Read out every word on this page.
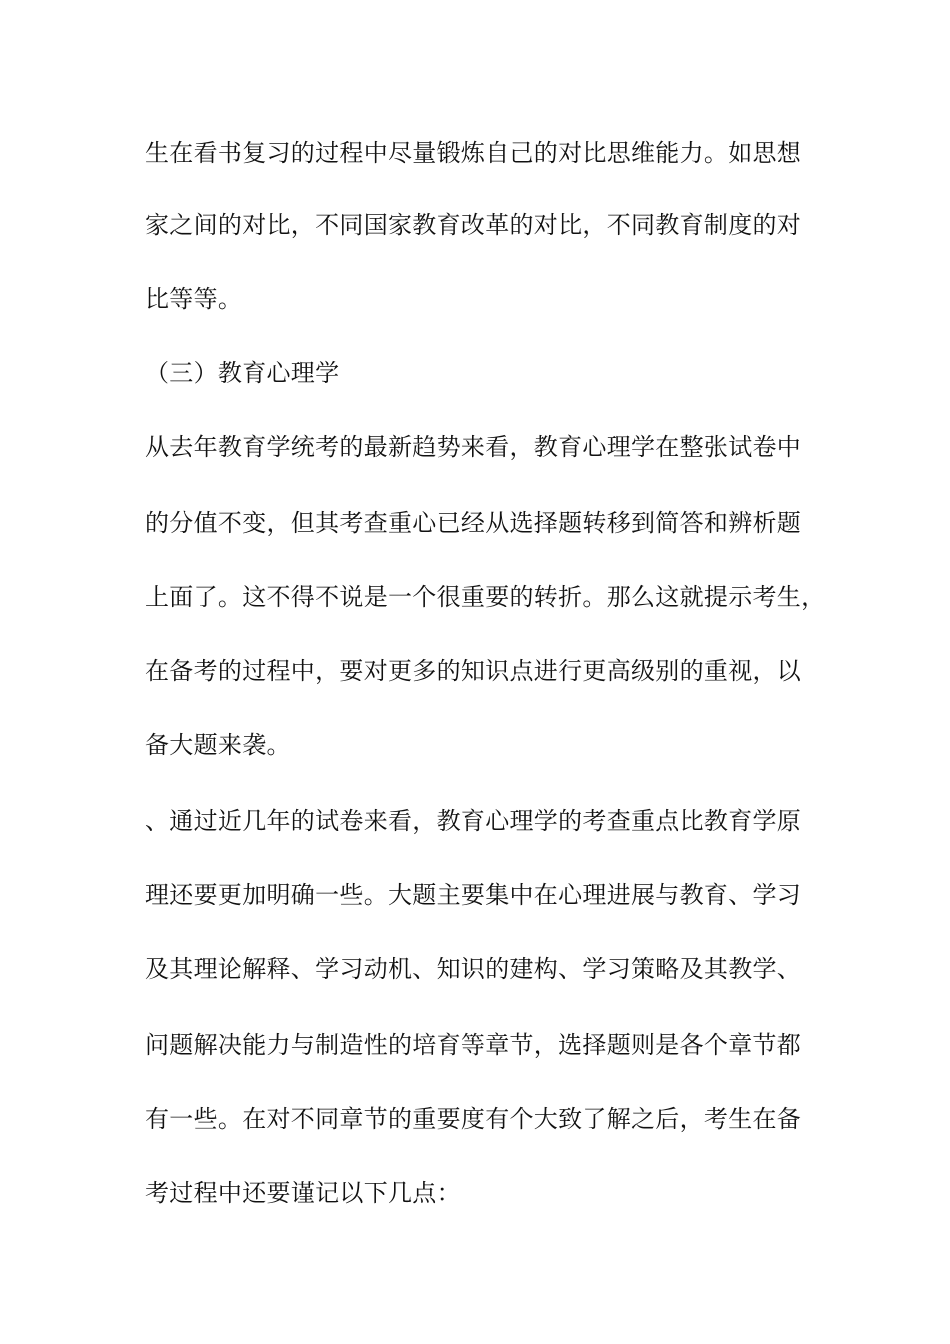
生在看书复习的过程中尽量锻炼自己的对比思维能力。如思想
家之间的对比，不同国家教育改革的对比，不同教育制度的对
比等等。
（三）教育心理学
从去年教育学统考的最新趋势来看，教育心理学在整张试卷中
的分值不变，但其考查重心已经从选择题转移到简答和辨析题
上面了。这不得不说是一个很重要的转折。那么这就提示考生，
在备考的过程中，要对更多的知识点进行更高级别的重视，以
备大题来袭。
、通过近几年的试卷来看，教育心理学的考查重点比教育学原
理还要更加明确一些。大题主要集中在心理进展与教育、学习
及其理论解释、学习动机、知识的建构、学习策略及其教学、
问题解决能力与制造性的培育等章节，选择题则是各个章节都
有一些。在对不同章节的重要度有个大致了解之后，考生在备
考过程中还要谨记以下几点：
